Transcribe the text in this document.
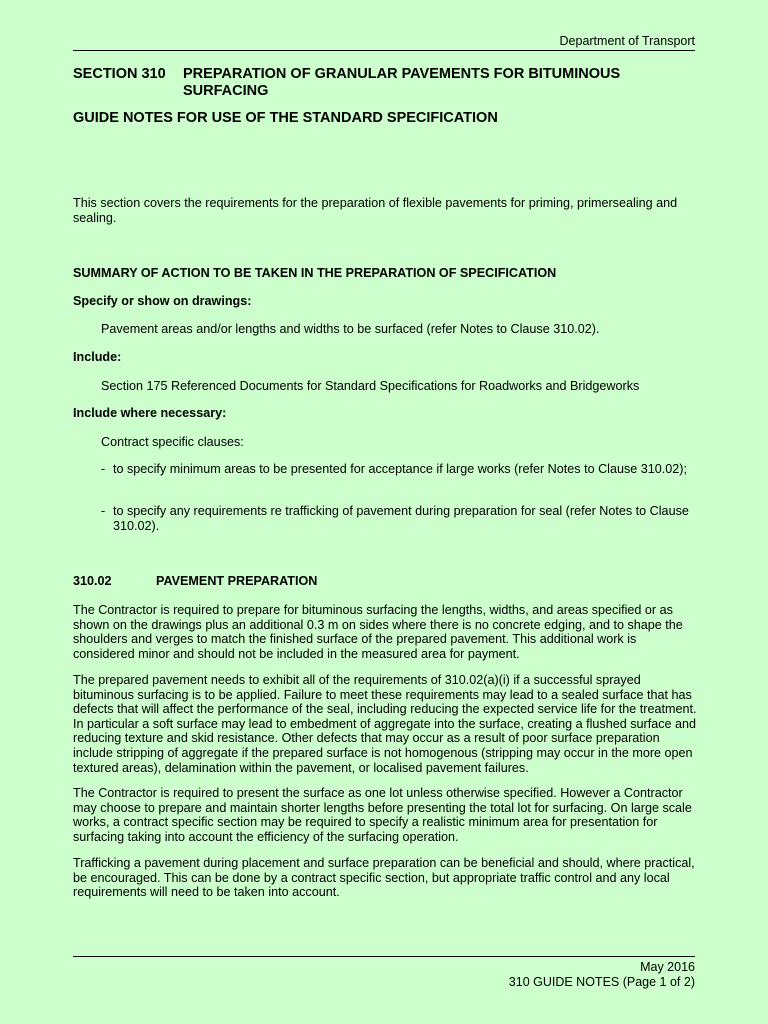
Department of Transport
SECTION 310 PREPARATION OF GRANULAR PAVEMENTS FOR BITUMINOUS SURFACING
GUIDE NOTES FOR USE OF THE STANDARD SPECIFICATION
This section covers the requirements for the preparation of flexible pavements for priming, primersealing and sealing.
SUMMARY OF ACTION TO BE TAKEN IN THE PREPARATION OF SPECIFICATION
Specify or show on drawings:
Pavement areas and/or lengths and widths to be surfaced (refer Notes to Clause 310.02).
Include:
Section 175 Referenced Documents for Standard Specifications for Roadworks and Bridgeworks
Include where necessary:
Contract specific clauses:
- to specify minimum areas to be presented for acceptance if large works (refer Notes to Clause 310.02);
- to specify any requirements re trafficking of pavement during preparation for seal (refer Notes to Clause 310.02).
310.02	PAVEMENT PREPARATION
The Contractor is required to prepare for bituminous surfacing the lengths, widths, and areas specified or as shown on the drawings plus an additional 0.3 m on sides where there is no concrete edging, and to shape the shoulders and verges to match the finished surface of the prepared pavement. This additional work is considered minor and should not be included in the measured area for payment.
The prepared pavement needs to exhibit all of the requirements of 310.02(a)(i) if a successful sprayed bituminous surfacing is to be applied. Failure to meet these requirements may lead to a sealed surface that has defects that will affect the performance of the seal, including reducing the expected service life for the treatment. In particular a soft surface may lead to embedment of aggregate into the surface, creating a flushed surface and reducing texture and skid resistance. Other defects that may occur as a result of poor surface preparation include stripping of aggregate if the prepared surface is not homogenous (stripping may occur in the more open textured areas), delamination within the pavement, or localised pavement failures.
The Contractor is required to present the surface as one lot unless otherwise specified. However a Contractor may choose to prepare and maintain shorter lengths before presenting the total lot for surfacing. On large scale works, a contract specific section may be required to specify a realistic minimum area for presentation for surfacing taking into account the efficiency of the surfacing operation.
Trafficking a pavement during placement and surface preparation can be beneficial and should, where practical, be encouraged. This can be done by a contract specific section, but appropriate traffic control and any local requirements will need to be taken into account.
May 2016
310 GUIDE NOTES (Page 1 of 2)
